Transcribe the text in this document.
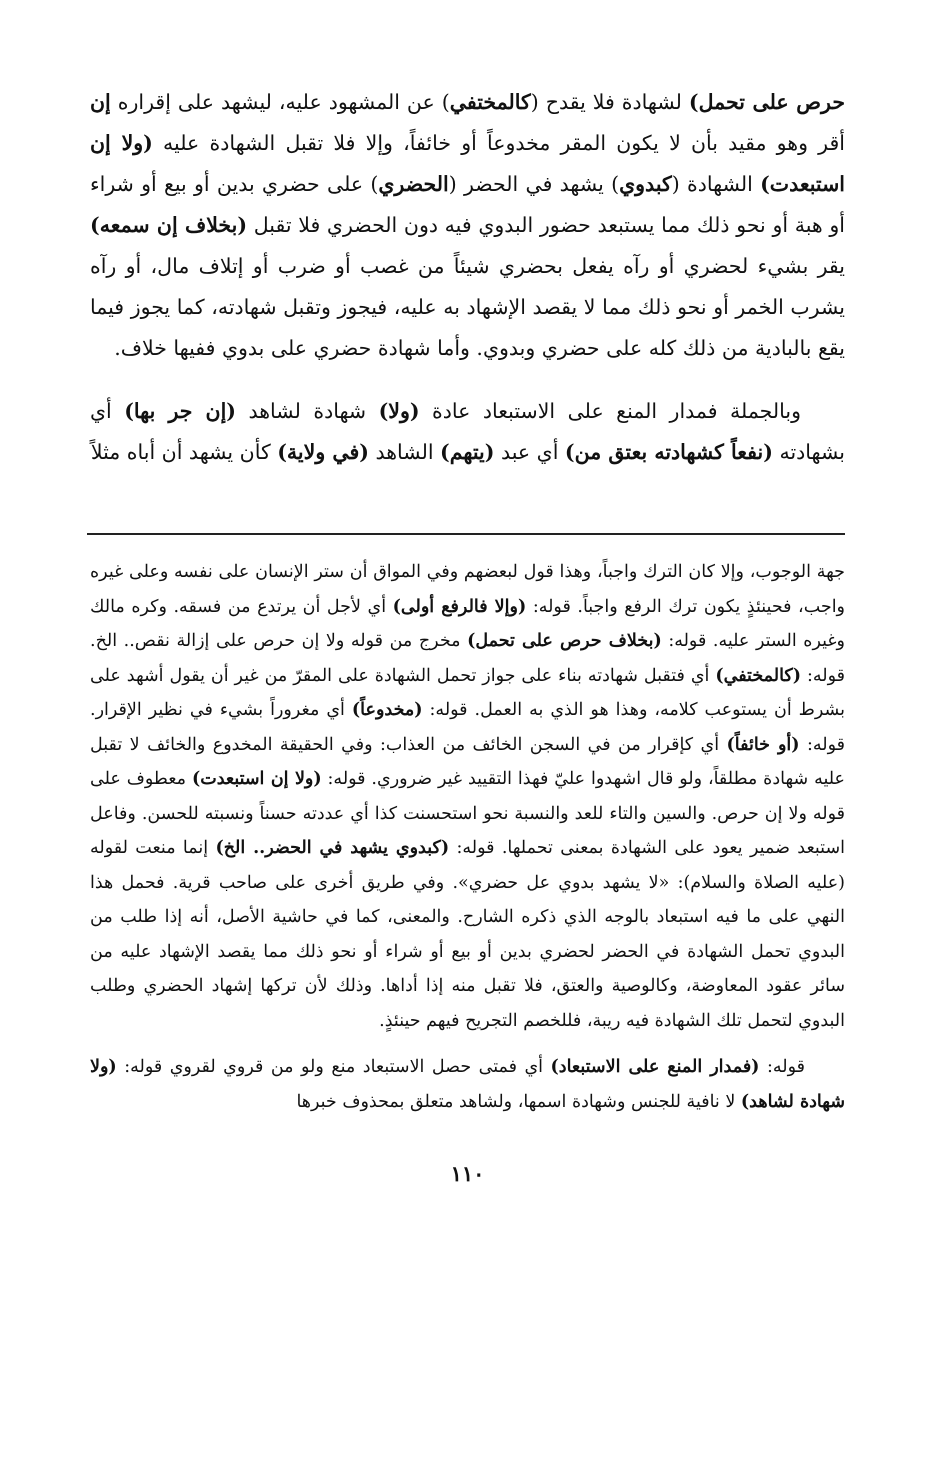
حرص على تحمل) لشهادة فلا يقدح (كالمختفي) عن المشهود عليه، ليشهد على إقراره إن أقر وهو مقيد بأن لا يكون المقر مخدوعاً أو خائفاً، وإلا فلا تقبل الشهادة عليه (ولا إن استبعدت) الشهادة (كبدوي) يشهد في الحضر (الحضري) على حضري بدين أو بيع أو شراء أو هبة أو نحو ذلك مما يستبعد حضور البدوي فيه دون الحضري فلا تقبل (بخلاف إن سمعه) يقر بشيء لحضري أو رآه يفعل بحضري شيئاً من غصب أو ضرب أو إتلاف مال، أو رآه يشرب الخمر أو نحو ذلك مما لا يقصد الإشهاد به عليه، فيجوز وتقبل شهادته، كما يجوز فيما يقع بالبادية من ذلك كله على حضري وبدوي. وأما شهادة حضري على بدوي ففيها خلاف.

وبالجملة فمدار المنع على الاستبعاد عادة (ولا) شهادة لشاهد (إن جر بها) أي بشهادته (نفعاً كشهادته بعتق من) أي عبد (يتهم) الشاهد (في ولاية) كأن يشهد أن أباه مثلاً

جهة الوجوب، وإلا كان الترك واجباً، وهذا قول لبعضهم وفي المواق أن ستر الإنسان على نفسه وعلى غيره واجب، فحينئذٍ يكون ترك الرفع واجباً. قوله: (وإلا فالرفع أولى) أي لأجل أن يرتدع من فسقه. وكره مالك وغيره الستر عليه. قوله: (بخلاف حرص على تحمل) مخرج من قوله ولا إن حرص على إزالة نقص.. الخ. قوله: (كالمختفي) أي فتقبل شهادته بناء على جواز تحمل الشهادة على المقرّ من غير أن يقول أشهد على بشرط أن يستوعب كلامه، وهذا هو الذي به العمل. قوله: (مخدوعاً) أي مغروراً بشيء في نظير الإقرار. قوله: (أو خائفاً) أي كإقرار من في السجن الخائف من العذاب: وفي الحقيقة المخدوع والخائف لا تقبل عليه شهادة مطلقاً، ولو قال اشهدوا عليّ فهذا التقييد غير ضروري. قوله: (ولا إن استبعدت) معطوف على قوله ولا إن حرص. والسين والتاء للعد والنسبة نحو استحسنت كذا أي عددته حسناً ونسبته للحسن. وفاعل استبعد ضمير يعود على الشهادة بمعنى تحملها. قوله: (كبدوي يشهد في الحضر.. الخ) إنما منعت لقوله (عليه الصلاة والسلام): «لا يشهد بدوي عل حضري». وفي طريق أخرى على صاحب قرية. فحمل هذا النهي على ما فيه استبعاد بالوجه الذي ذكره الشارح. والمعنى، كما في حاشية الأصل، أنه إذا طلب من البدوي تحمل الشهادة في الحضر لحضري بدين أو بيع أو شراء أو نحو ذلك مما يقصد الإشهاد عليه من سائر عقود المعاوضة، وكالوصية والعتق، فلا تقبل منه إذا أداها. وذلك لأن تركها إشهاد الحضري وطلب البدوي لتحمل تلك الشهادة فيه ريبة، فللخصم التجريح فيهم حينئذٍ.

قوله: (فمدار المنع على الاستبعاد) أي فمتى حصل الاستبعاد منع ولو من قروي لقروي قوله: (ولا شهادة لشاهد) لا نافية للجنس وشهادة اسمها، ولشاهد متعلق بمحذوف خبرها

١١٠
